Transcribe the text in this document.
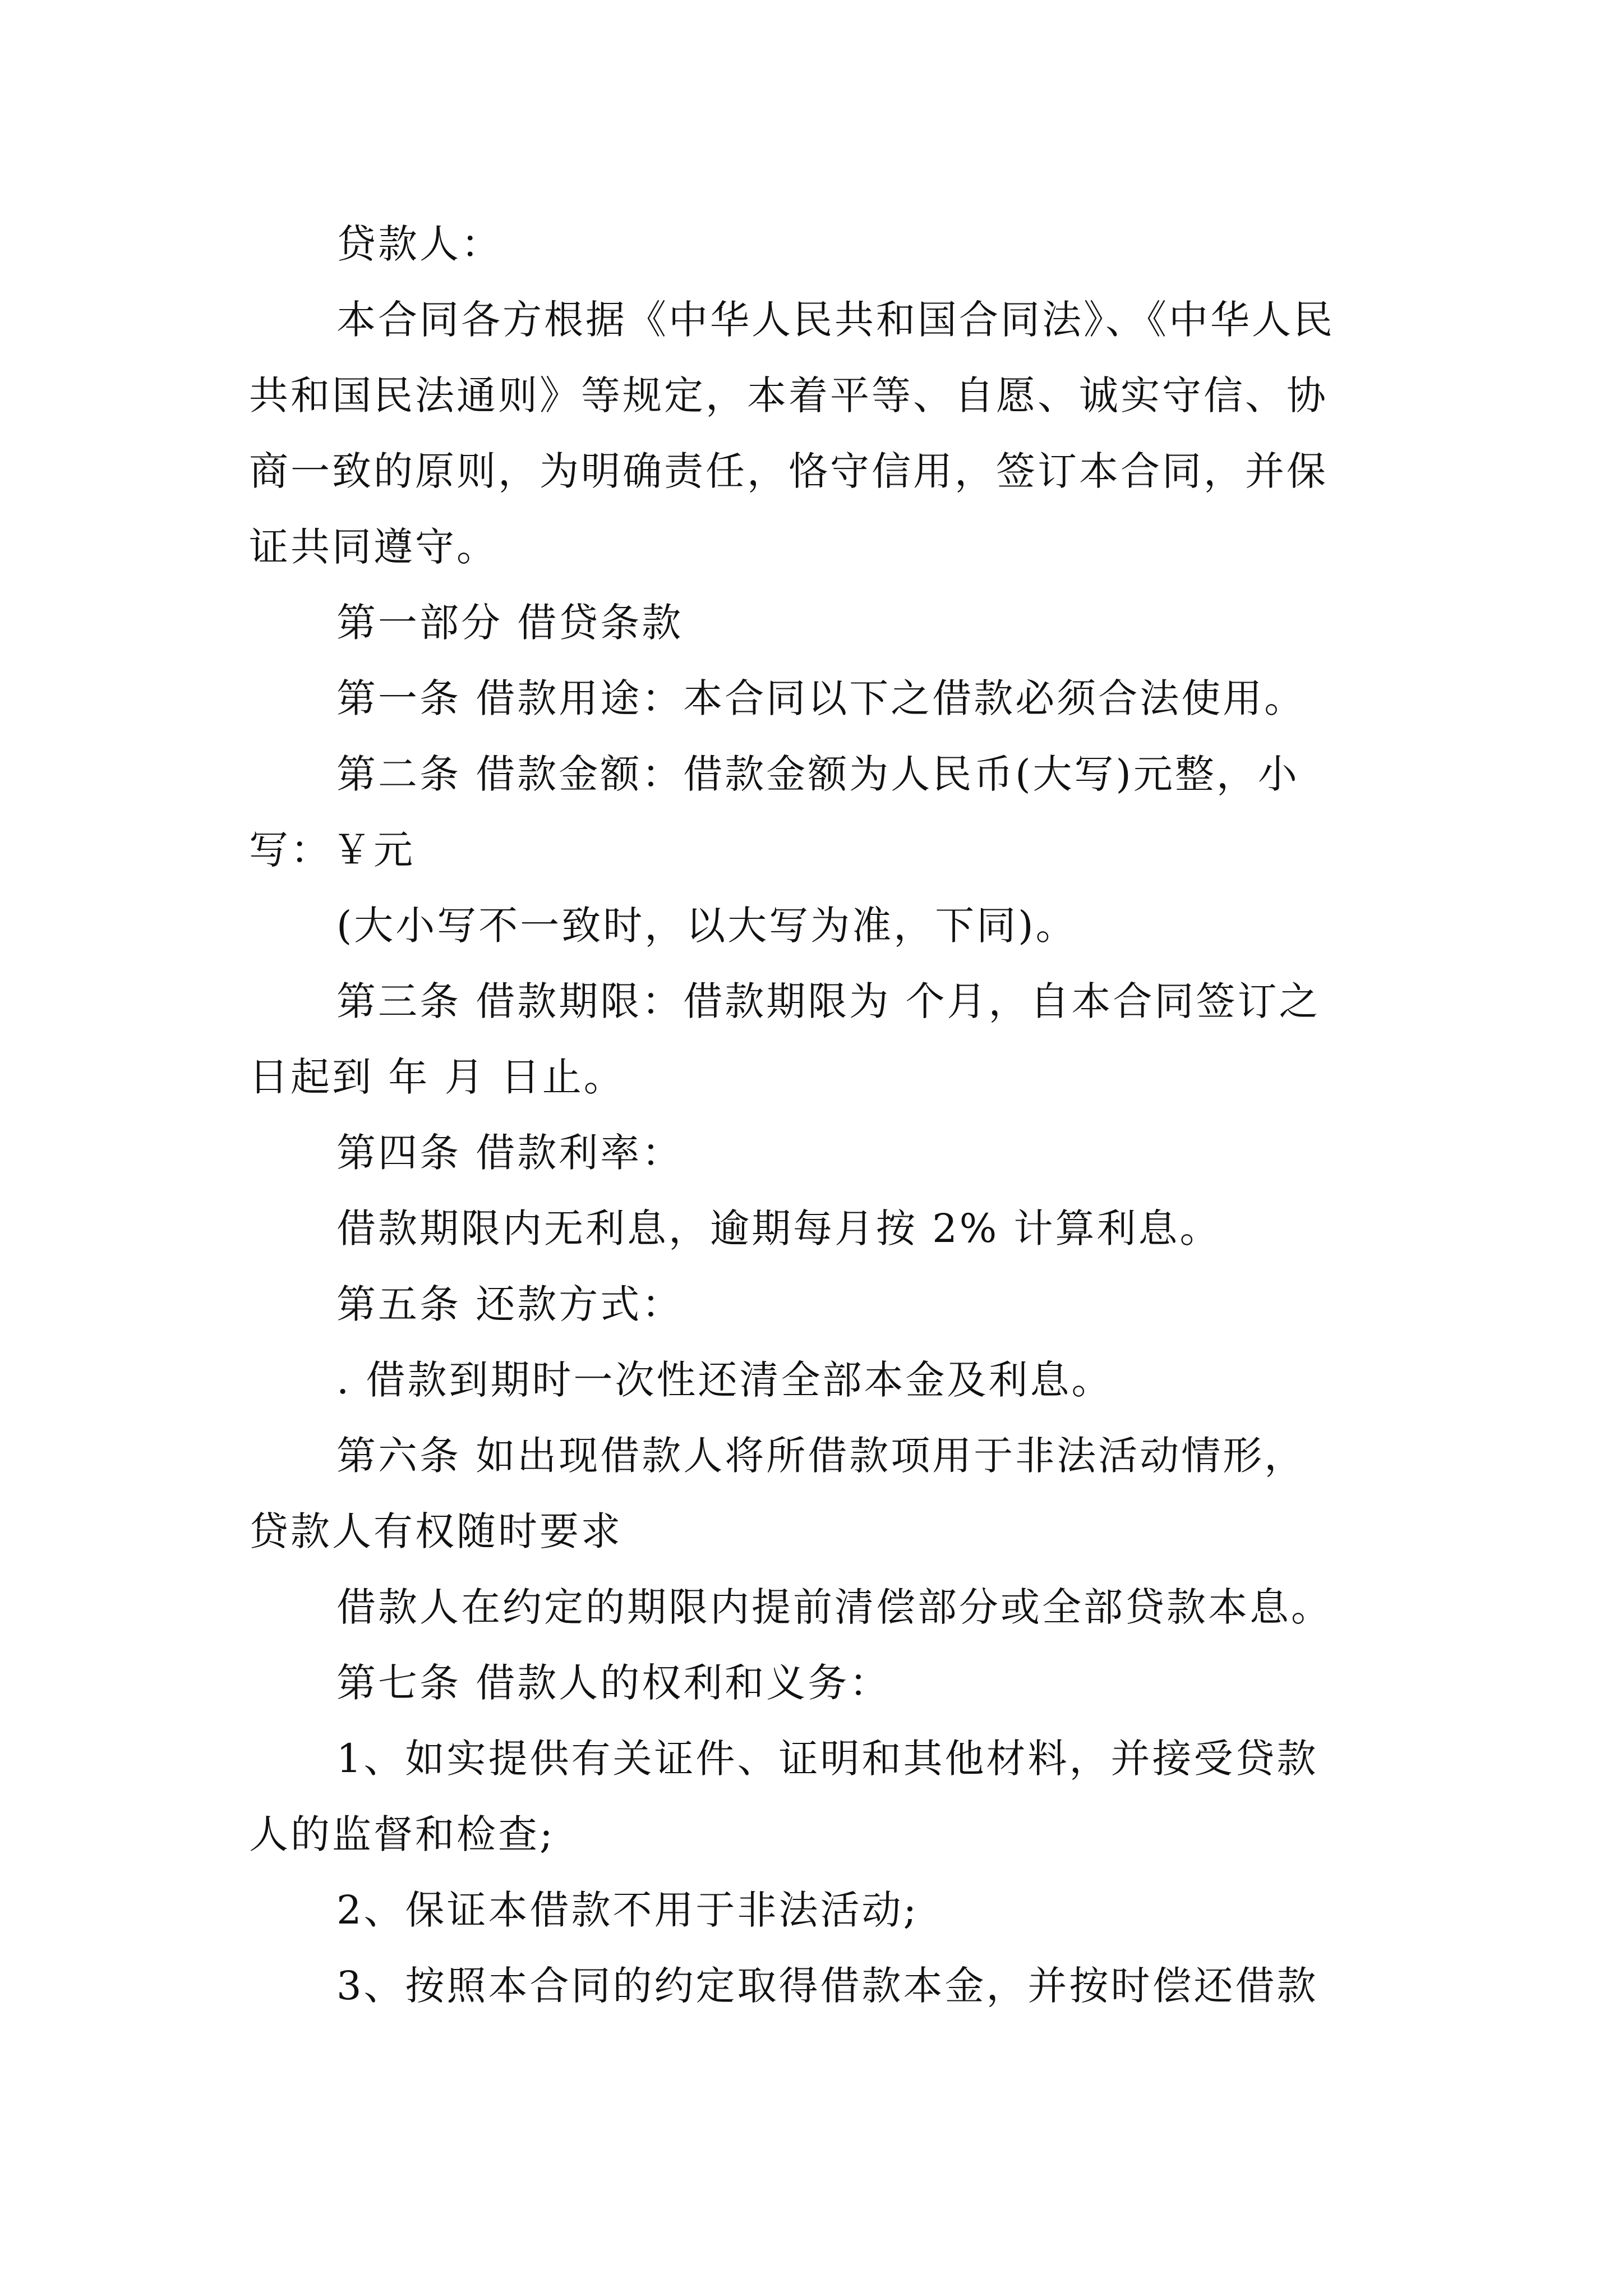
贷款人：
本合同各方根据《中华人民共和国合同法》、《中华人民
共和国民法通则》等规定，本着平等、自愿、诚实守信、协
商一致的原则，为明确责任，恪守信用，签订本合同，并保
证共同遵守。
第一部分 借贷条款
第一条 借款用途：本合同以下之借款必须合法使用。
第二条 借款金额：借款金额为人民币(大写)元整，小
写：￥元
(大小写不一致时，以大写为准，下同)。
第三条 借款期限：借款期限为 个月，自本合同签订之
日起到 年 月 日止。
第四条 借款利率：
借款期限内无利息，逾期每月按 2% 计算利息。
第五条 还款方式：
. 借款到期时一次性还清全部本金及利息。
第六条 如出现借款人将所借款项用于非法活动情形，
贷款人有权随时要求
借款人在约定的期限内提前清偿部分或全部贷款本息。
第七条 借款人的权利和义务：
1、如实提供有关证件、证明和其他材料，并接受贷款
人的监督和检查;
2、保证本借款不用于非法活动;
3、按照本合同的约定取得借款本金，并按时偿还借款
